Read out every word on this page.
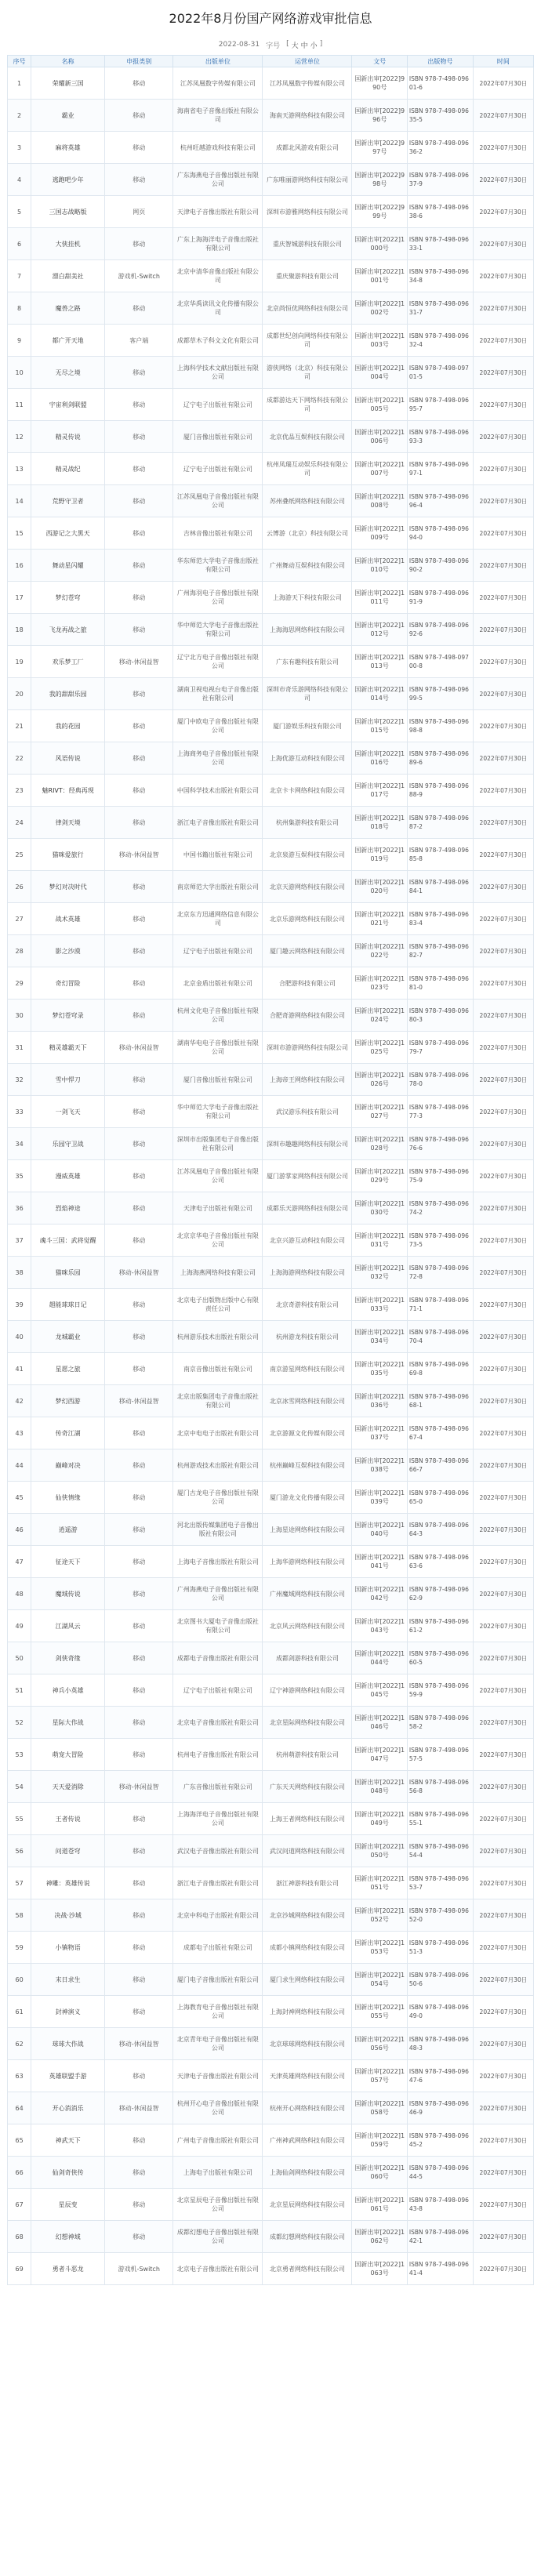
2022年8月份国产网络游戏审批信息
2022-08-31 字号 [ 大 中 小 ]
序号	名称	申报类别	出版单位	运营单位	文号	出版物号	时间
1	荣耀新三国	移动	江苏凤凰数字传媒有限公司	江苏凤凰数字传媒有限公司	国新出审[2022]990号	ISBN 978-7-498-09601-6	2022年07月30日
2	霸业	移动	海南省电子音像出版社有限公司	海南天游网络科技有限公司	国新出审[2022]996号	ISBN 978-7-498-09635-5	2022年07月30日
3	麻将英雄	移动	杭州旺越游戏科技有限公司	成都北风游戏有限公司	国新出审[2022]997号	ISBN 978-7-498-09636-2	2022年07月30日
4	逃跑吧少年	移动	广东海燕电子音像出版社有限公司	广东唯丽游网络科技有限公司	国新出审[2022]998号	ISBN 978-7-498-09637-9	2022年07月30日
5	三国志战略版	网页	天津电子音像出版社有限公司	深圳市游雅网络科技有限公司	国新出审[2022]999号	ISBN 978-7-498-09638-6	2022年07月30日
6	大侠挂机	移动	广东上海海洋电子音像出版社有限公司	重庆智城游科技有限公司	国新出审[2022]1000号	ISBN 978-7-498-09633-1	2022年07月30日
7	漂白甜美社	游戏机-Switch	北京中清华音像出版社有限公司	重庆聚游科技有限公司	国新出审[2022]1001号	ISBN 978-7-498-09634-8	2022年07月30日
8	魔兽之路	移动	北京华禹读讯文化传播有限公司	北京尚恒优网络科技有限公司	国新出审[2022]1002号	ISBN 978-7-498-09631-7	2022年07月30日
9	都广开天地	客户端	成都草木子科文文化有限公司	成都世纪创向网络科技有限公司	国新出审[2022]1003号	ISBN 978-7-498-09632-4	2022年07月30日
10	无尽之境	移动	上海科学技术文献出版社有限公司	游侠网络（北京）科技有限公司	国新出审[2022]1004号	ISBN 978-7-498-09701-5	2022年07月30日
11	宇宙利剑联盟	移动	辽宁电子出版社有限公司	成都游达天下网络科技有限公司	国新出审[2022]1005号	ISBN 978-7-498-09695-7	2022年07月30日
12	精灵传说	移动	厦门音像出版社有限公司	北京优品互娱科技有限公司	国新出审[2022]1006号	ISBN 978-7-498-09693-3	2022年07月30日
13	精灵战纪	移动	辽宁电子出版社有限公司	杭州凤瑞互动娱乐科技有限公司	国新出审[2022]1007号	ISBN 978-7-498-09697-1	2022年07月30日
14	荒野守卫者	移动	江苏凤凰电子音像出版社有限公司	苏州叠纸网络科技有限公司	国新出审[2022]1008号	ISBN 978-7-498-09696-4	2022年07月30日
15	西游记之大黑天	移动	吉林音像出版社有限公司	云博游（北京）科技有限公司	国新出审[2022]1009号	ISBN 978-7-498-09694-0	2022年07月30日
16	舞动星闪耀	移动	华东师范大学电子音像出版社有限公司	广州舞动互娱科技有限公司	国新出审[2022]1010号	ISBN 978-7-498-09690-2	2022年07月30日
17	梦幻苍穹	移动	广州海羽电子音像出版社有限公司	上海游天下科技有限公司	国新出审[2022]1011号	ISBN 978-7-498-09691-9	2022年07月30日
18	飞龙再战之旅	移动	华中师范大学电子音像出版社有限公司	上海海思网络科技有限公司	国新出审[2022]1012号	ISBN 978-7-498-09692-6	2022年07月30日
19	欢乐梦工厂	移动-休闲益智	辽宁北方电子音像出版社有限公司	广东有趣科技有限公司	国新出审[2022]1013号	ISBN 978-7-498-09700-8	2022年07月30日
20	我的甜甜乐园	移动	湖南卫视电视台电子音像出版社有限公司	深圳市奇乐游网络科技有限公司	国新出审[2022]1014号	ISBN 978-7-498-09699-5	2022年07月30日
21	我的花园	移动	厦门中欧电子音像出版社有限公司	厦门游娱乐科技有限公司	国新出审[2022]1015号	ISBN 978-7-498-09698-8	2022年07月30日
22	风语传说	移动	上海商务电子音像出版社有限公司	上海优游互动科技有限公司	国新出审[2022]1016号	ISBN 978-7-498-09689-6	2022年07月30日
23	魅RIVT：经典再现	移动	中国科学技术出版社有限公司	北京卡卡网络科技有限公司	国新出审[2022]1017号	ISBN 978-7-498-09688-9	2022年07月30日
24	律剑天境	移动	浙江电子音像出版社有限公司	杭州集游科技有限公司	国新出审[2022]1018号	ISBN 978-7-498-09687-2	2022年07月30日
25	猫咪爱旅行	移动-休闲益智	中国书籍出版社有限公司	北京泉游互娱科技有限公司	国新出审[2022]1019号	ISBN 978-7-498-09685-8	2022年07月30日
26	梦幻对决时代	移动	南京师范大学出版社有限公司	北京天游网络科技有限公司	国新出审[2022]1020号	ISBN 978-7-498-09684-1	2022年07月30日
27	战术英雄	移动	北京东方迅通网络信息有限公司	北京乐游网络科技有限公司	国新出审[2022]1021号	ISBN 978-7-498-09683-4	2022年07月30日
28	影之沙漠	移动	辽宁电子出版社有限公司	厦门趣云网络科技有限公司	国新出审[2022]1022号	ISBN 978-7-498-09682-7	2022年07月30日
29	奇幻冒险	移动	北京金盾出版社有限公司	合肥游科技有限公司	国新出审[2022]1023号	ISBN 978-7-498-09681-0	2022年07月30日
30	梦幻苍穹录	移动	杭州文化电子音像出版社有限公司	合肥奇游网络科技有限公司	国新出审[2022]1024号	ISBN 978-7-498-09680-3	2022年07月30日
31	精灵雄霸天下	移动-休闲益智	湖南华电电子音像出版社有限公司	深圳市游游网络科技有限公司	国新出审[2022]1025号	ISBN 978-7-498-09679-7	2022年07月30日
32	雪中悍刀	移动	厦门音像出版社有限公司	上海帝王网络科技有限公司	国新出审[2022]1026号	ISBN 978-7-498-09678-0	2022年07月30日
33	一剑飞天	移动	华中师范大学电子音像出版社有限公司	武汉游乐科技有限公司	国新出审[2022]1027号	ISBN 978-7-498-09677-3	2022年07月30日
34	乐园守卫战	移动	深圳市出版集团电子音像出版社有限公司	深圳市趣趣网络科技有限公司	国新出审[2022]1028号	ISBN 978-7-498-09676-6	2022年07月30日
35	漫威英雄	移动	江苏凤凰电子音像出版社有限公司	厦门游掌家网络科技有限公司	国新出审[2022]1029号	ISBN 978-7-498-09675-9	2022年07月30日
36	烈焰神途	移动	天津电子出版社有限公司	成都乐天游网络科技有限公司	国新出审[2022]1030号	ISBN 978-7-498-09674-2	2022年07月30日
37	魂斗三国：武将觉醒	移动	北京京华电子音像出版社有限公司	北京兴游互动科技有限公司	国新出审[2022]1031号	ISBN 978-7-498-09673-5	2022年07月30日
38	猫咪乐园	移动-休闲益智	上海海燕网络科技有限公司	上海海游网络科技有限公司	国新出审[2022]1032号	ISBN 978-7-498-09672-8	2022年07月30日
39	超能球球日记	移动	北京电子出版物出版中心有限责任公司	北京奇游科技有限公司	国新出审[2022]1033号	ISBN 978-7-498-09671-1	2022年07月30日
40	龙城霸业	移动	杭州游乐技术出版社有限公司	杭州游龙科技有限公司	国新出审[2022]1034号	ISBN 978-7-498-09670-4	2022年07月30日
41	星愿之旅	移动	南京音像出版社有限公司	南京游星网络科技有限公司	国新出审[2022]1035号	ISBN 978-7-498-09669-8	2022年07月30日
42	梦幻西游	移动-休闲益智	北京出版集团电子音像出版社有限公司	北京冰雪网络科技有限公司	国新出审[2022]1036号	ISBN 978-7-498-09668-1	2022年07月30日
43	传奇江湖	移动	北京中电电子出版社有限公司	北京游源文化传媒有限公司	国新出审[2022]1037号	ISBN 978-7-498-09667-4	2022年07月30日
44	巅峰对决	移动	杭州游戏技术出版社有限公司	杭州巅峰互娱科技有限公司	国新出审[2022]1038号	ISBN 978-7-498-09666-7	2022年07月30日
45	仙侠情缘	移动	厦门古龙电子音像出版社有限公司	厦门游龙文化传播有限公司	国新出审[2022]1039号	ISBN 978-7-498-09665-0	2022年07月30日
46	逍遥游	移动	河北出版传媒集团电子音像出版社有限公司	上海星途网络科技有限公司	国新出审[2022]1040号	ISBN 978-7-498-09664-3	2022年07月30日
47	征途天下	移动	上海电子音像出版社有限公司	上海华游网络科技有限公司	国新出审[2022]1041号	ISBN 978-7-498-09663-6	2022年07月30日
48	魔域传说	移动	广州海燕电子音像出版社有限公司	广州魔域网络科技有限公司	国新出审[2022]1042号	ISBN 978-7-498-09662-9	2022年07月30日
49	江湖风云	移动	北京图书大厦电子音像出版社有限公司	北京风云网络科技有限公司	国新出审[2022]1043号	ISBN 978-7-498-09661-2	2022年07月30日
50	剑侠奇缘	移动	成都电子音像出版社有限公司	成都剑游科技有限公司	国新出审[2022]1044号	ISBN 978-7-498-09660-5	2022年07月30日
51	神兵小英雄	移动	辽宁电子出版社有限公司	辽宁神游网络科技有限公司	国新出审[2022]1045号	ISBN 978-7-498-09659-9	2022年07月30日
52	星际大作战	移动	北京电子音像出版社有限公司	北京星际网络科技有限公司	国新出审[2022]1046号	ISBN 978-7-498-09658-2	2022年07月30日
53	萌宠大冒险	移动	杭州电子音像出版社有限公司	杭州萌游科技有限公司	国新出审[2022]1047号	ISBN 978-7-498-09657-5	2022年07月30日
54	天天爱消除	移动-休闲益智	广东音像出版社有限公司	广东天天网络科技有限公司	国新出审[2022]1048号	ISBN 978-7-498-09656-8	2022年07月30日
55	王者传说	移动	上海海洋电子音像出版社有限公司	上海王者网络科技有限公司	国新出审[2022]1049号	ISBN 978-7-498-09655-1	2022年07月30日
56	问道苍穹	移动	武汉电子音像出版社有限公司	武汉问道网络科技有限公司	国新出审[2022]1050号	ISBN 978-7-498-09654-4	2022年07月30日
57	神雕：英雄传说	移动	浙江电子音像出版社有限公司	浙江神游科技有限公司	国新出审[2022]1051号	ISBN 978-7-498-09653-7	2022年07月30日
58	决战·沙城	移动	北京中科电子出版社有限公司	北京沙城网络科技有限公司	国新出审[2022]1052号	ISBN 978-7-498-09652-0	2022年07月30日
59	小镇物语	移动	成都电子出版社有限公司	成都小镇网络科技有限公司	国新出审[2022]1053号	ISBN 978-7-498-09651-3	2022年07月30日
60	末日求生	移动	厦门电子音像出版社有限公司	厦门求生网络科技有限公司	国新出审[2022]1054号	ISBN 978-7-498-09650-6	2022年07月30日
61	封神演义	移动	上海教育电子音像出版社有限公司	上海封神网络科技有限公司	国新出审[2022]1055号	ISBN 978-7-498-09649-0	2022年07月30日
62	球球大作战	移动-休闲益智	北京青年电子音像出版社有限公司	北京球球网络科技有限公司	国新出审[2022]1056号	ISBN 978-7-498-09648-3	2022年07月30日
63	英雄联盟手游	移动	天津电子音像出版社有限公司	天津英雄网络科技有限公司	国新出审[2022]1057号	ISBN 978-7-498-09647-6	2022年07月30日
64	开心消消乐	移动-休闲益智	杭州开心电子音像出版社有限公司	杭州开心网络科技有限公司	国新出审[2022]1058号	ISBN 978-7-498-09646-9	2022年07月30日
65	神武天下	移动	广州电子音像出版社有限公司	广州神武网络科技有限公司	国新出审[2022]1059号	ISBN 978-7-498-09645-2	2022年07月30日
66	仙剑奇侠传	移动	上海电子出版社有限公司	上海仙剑网络科技有限公司	国新出审[2022]1060号	ISBN 978-7-498-09644-5	2022年07月30日
67	星辰变	移动	北京星辰电子音像出版社有限公司	北京星辰网络科技有限公司	国新出审[2022]1061号	ISBN 978-7-498-09643-8	2022年07月30日
68	幻想神域	移动	成都幻想电子音像出版社有限公司	成都幻想网络科技有限公司	国新出审[2022]1062号	ISBN 978-7-498-09642-1	2022年07月30日
69	勇者斗恶龙	游戏机-Switch	北京电子音像出版社有限公司	北京勇者网络科技有限公司	国新出审[2022]1063号	ISBN 978-7-498-09641-4	2022年07月30日
